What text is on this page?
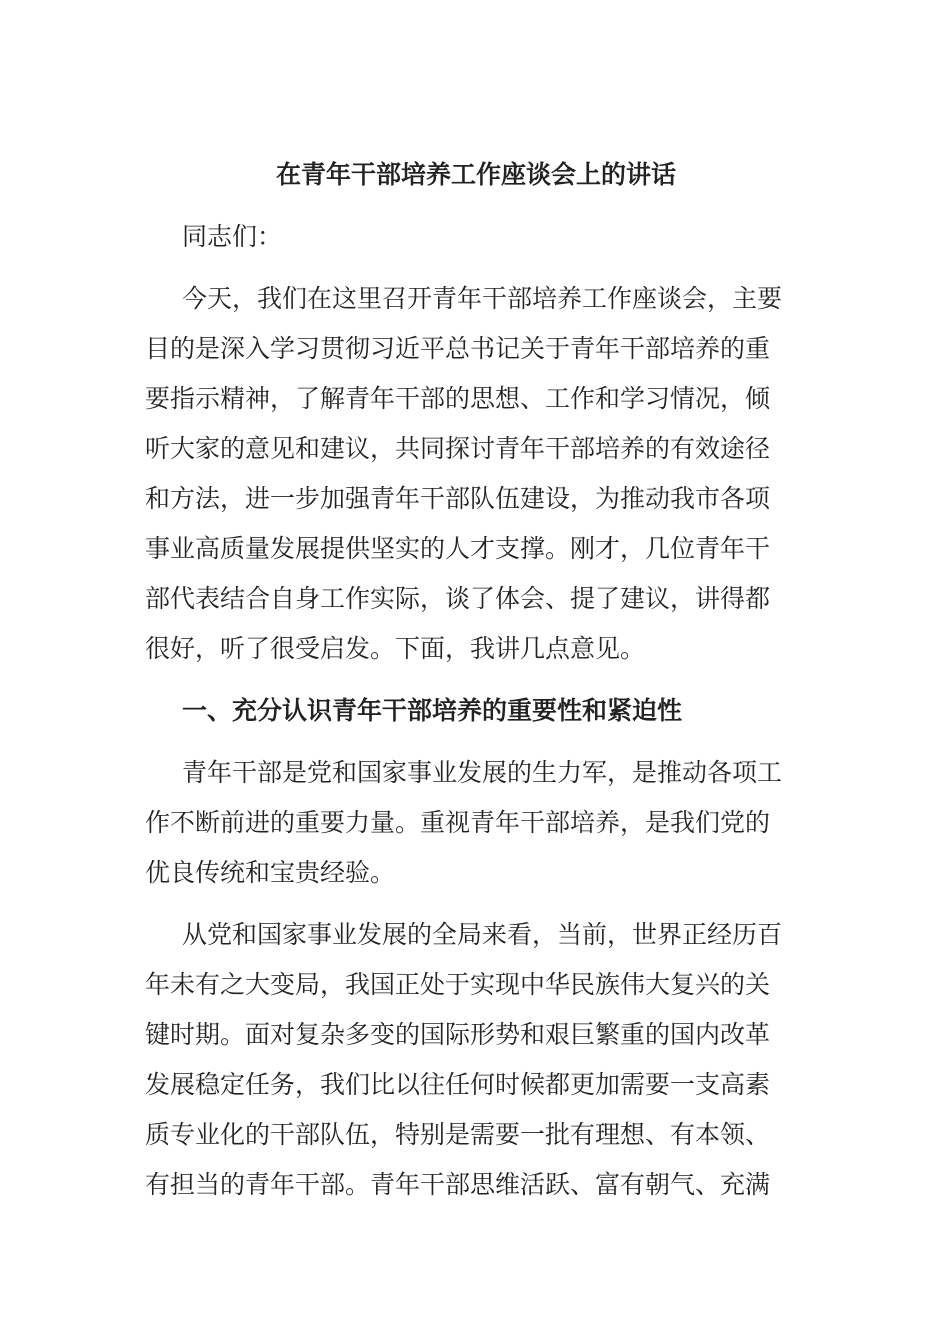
在青年干部培养工作座谈会上的讲话

同志们：

今天，我们在这里召开青年干部培养工作座谈会，主要
目的是深入学习贯彻习近平总书记关于青年干部培养的重
要指示精神，了解青年干部的思想、工作和学习情况，倾
听大家的意见和建议，共同探讨青年干部培养的有效途径
和方法，进一步加强青年干部队伍建设，为推动我市各项
事业高质量发展提供坚实的人才支撑。刚才，几位青年干
部代表结合自身工作实际，谈了体会、提了建议，讲得都
很好，听了很受启发。下面，我讲几点意见。
一、充分认识青年干部培养的重要性和紧迫性
青年干部是党和国家事业发展的生力军，是推动各项工
作不断前进的重要力量。重视青年干部培养，是我们党的
优良传统和宝贵经验。
从党和国家事业发展的全局来看，当前，世界正经历百
年未有之大变局，我国正处于实现中华民族伟大复兴的关
键时期。面对复杂多变的国际形势和艰巨繁重的国内改革
发展稳定任务，我们比以往任何时候都更加需要一支高素
质专业化的干部队伍，特别是需要一批有理想、有本领、
有担当的青年干部。青年干部思维活跃、富有朝气、充满
